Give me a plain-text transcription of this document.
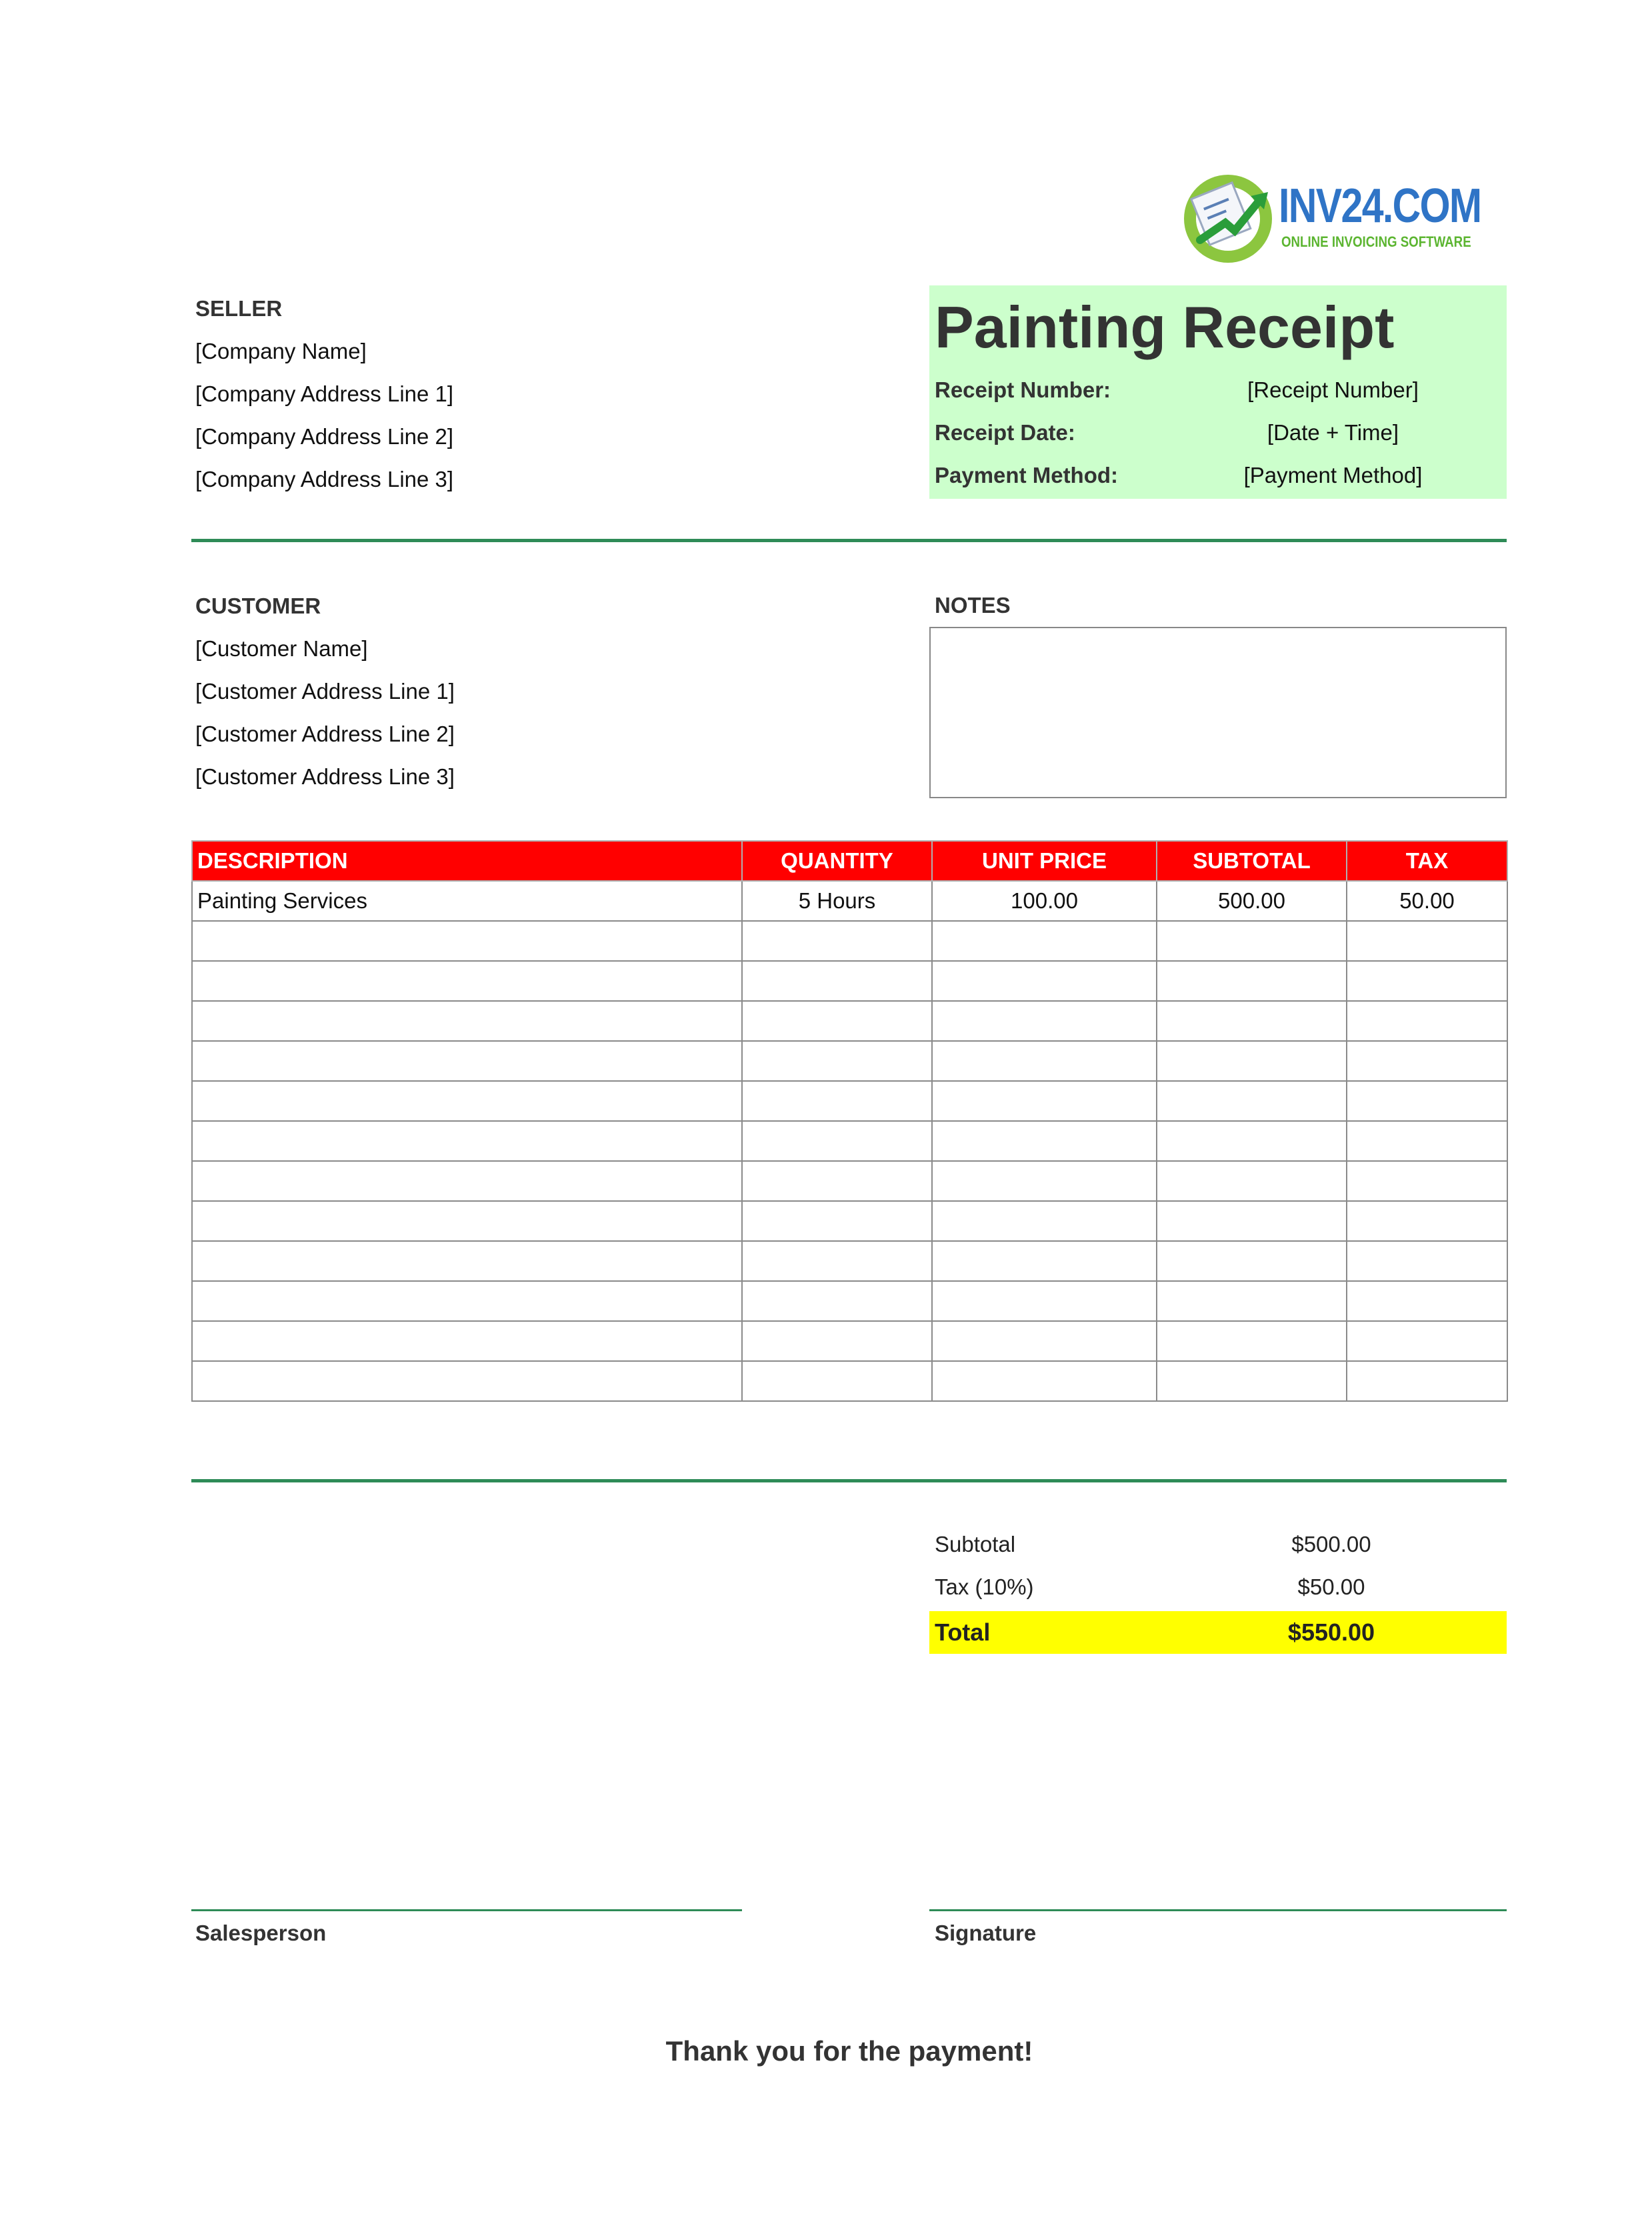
INV24.COM
ONLINE INVOICING SOFTWARE
SELLER
[Company Name]
[Company Address Line 1]
[Company Address Line 2]
[Company Address Line 3]
Painting Receipt
Receipt Number:	[Receipt Number]
Receipt Date:	[Date + Time]
Payment Method:	[Payment Method]
CUSTOMER
[Customer Name]
[Customer Address Line 1]
[Customer Address Line 2]
[Customer Address Line 3]
NOTES
DESCRIPTION	QUANTITY	UNIT PRICE	SUBTOTAL	TAX
Painting Services	5 Hours	100.00	500.00	50.00

Subtotal	$500.00
Tax (10%)	$50.00
Total	$550.00
Salesperson	Signature
Thank you for the payment!
